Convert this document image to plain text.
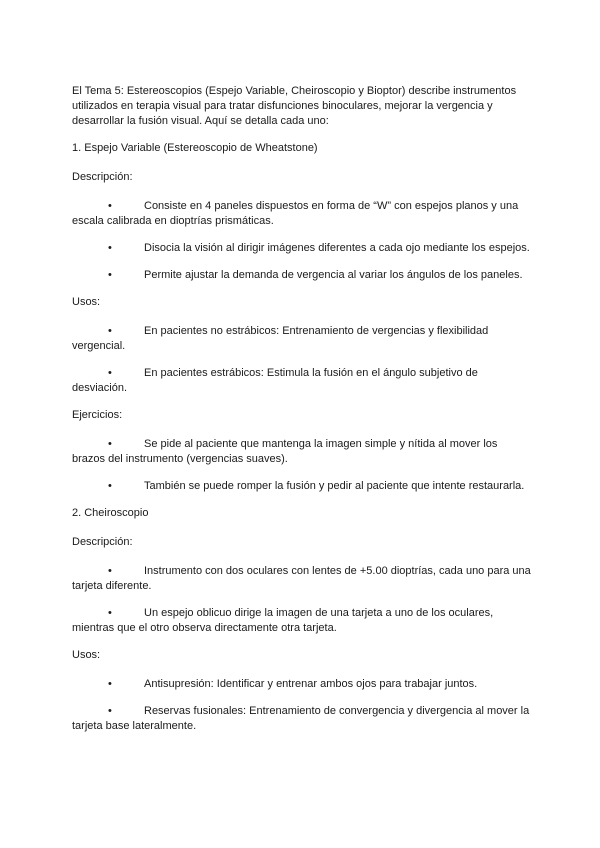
El Tema 5: Estereoscopios (Espejo Variable, Cheiroscopio y Bioptor) describe instrumentos utilizados en terapia visual para tratar disfunciones binoculares, mejorar la vergencia y desarrollar la fusión visual. Aquí se detalla cada uno:

1. Espejo Variable (Estereoscopio de Wheatstone)

Descripción:

•	Consiste en 4 paneles dispuestos en forma de “W” con espejos planos y una escala calibrada en dioptrías prismáticas.

•	Disocia la visión al dirigir imágenes diferentes a cada ojo mediante los espejos.

•	Permite ajustar la demanda de vergencia al variar los ángulos de los paneles.

Usos:

•	En pacientes no estrábicos: Entrenamiento de vergencias y flexibilidad vergencial.

•	En pacientes estrábicos: Estimula la fusión en el ángulo subjetivo de desviación.

Ejercicios:

•	Se pide al paciente que mantenga la imagen simple y nítida al mover los brazos del instrumento (vergencias suaves).

•	También se puede romper la fusión y pedir al paciente que intente restaurarla.

2. Cheiroscopio

Descripción:

•	Instrumento con dos oculares con lentes de +5.00 dioptrías, cada uno para una tarjeta diferente.

•	Un espejo oblicuo dirige la imagen de una tarjeta a uno de los oculares, mientras que el otro observa directamente otra tarjeta.

Usos:

•	Antisupresión: Identificar y entrenar ambos ojos para trabajar juntos.

•	Reservas fusionales: Entrenamiento de convergencia y divergencia al mover la tarjeta base lateralmente.
